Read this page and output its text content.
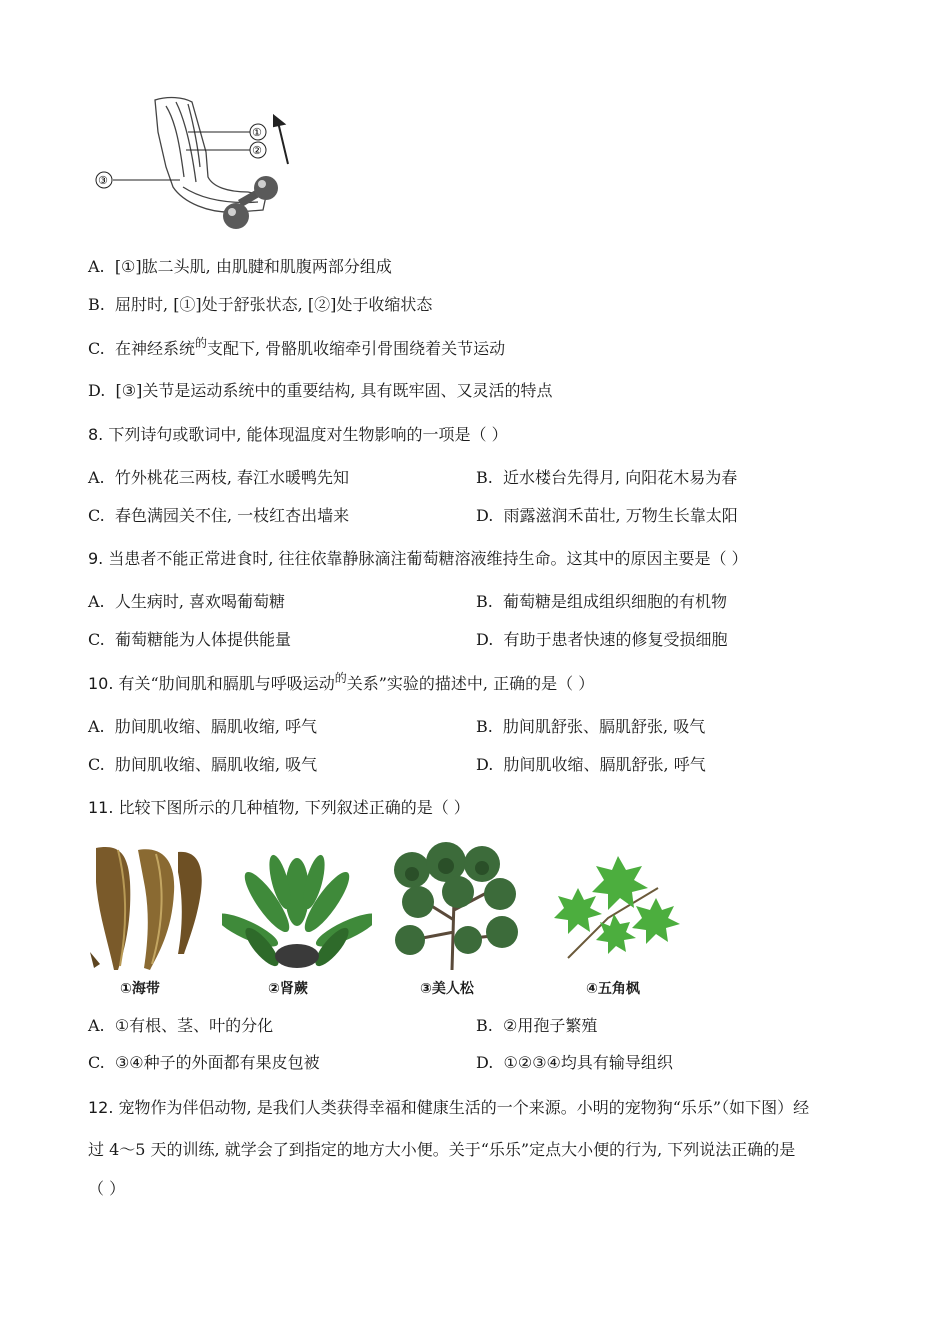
①
②
③
A. [①]肱二头肌, 由肌腱和肌腹两部分组成
B. 屈肘时, [①]处于舒张状态, [②]处于收缩状态
C. 在神经系统$^的$支配下, 骨骼肌收缩牵引骨围绕着关节运动
D. [③]关节是运动系统中的重要结构, 具有既牢固、又灵活的特点
8. 下列诗句或歌词中, 能体现温度对生物影响的一项是（ ）
A. 竹外桃花三两枝, 春江水暖鸭先知	B. 近水楼台先得月, 向阳花木易为春
C. 春色满园关不住, 一枝红杏出墙来	D. 雨露滋润禾苗壮, 万物生长靠太阳
9. 当患者不能正常进食时, 往往依靠静脉滴注葡萄糖溶液维持生命。这其中的原因主要是（ ）
A. 人生病时, 喜欢喝葡萄糖	B. 葡萄糖是组成组织细胞的有机物
C. 葡萄糖能为人体提供能量	D. 有助于患者快速的修复受损细胞
10. 有关“肋间肌和膈肌与呼吸运动$^的$关系”实验的描述中, 正确的是（ ）
A. 肋间肌收缩、膈肌收缩, 呼气	B. 肋间肌舒张、膈肌舒张, 吸气
C. 肋间肌收缩、膈肌收缩, 吸气	D. 肋间肌收缩、膈肌舒张, 呼气
11. 比较下图所示的几种植物, 下列叙述正确的是（ ）
①海带	②肾蕨	③美人松	④五角枫
A. ①有根、茎、叶的分化	B. ②用孢子繁殖
C. ③④种子的外面都有果皮包被	D. ①②③④均具有输导组织
12. 宠物作为伴侣动物, 是我们人类获得幸福和健康生活的一个来源。小明的宠物狗“乐乐”（如下图）经
过 4～5 天的训练, 就学会了到指定的地方大小便。关于“乐乐”定点大小便的行为, 下列说法正确的是
（ ）
